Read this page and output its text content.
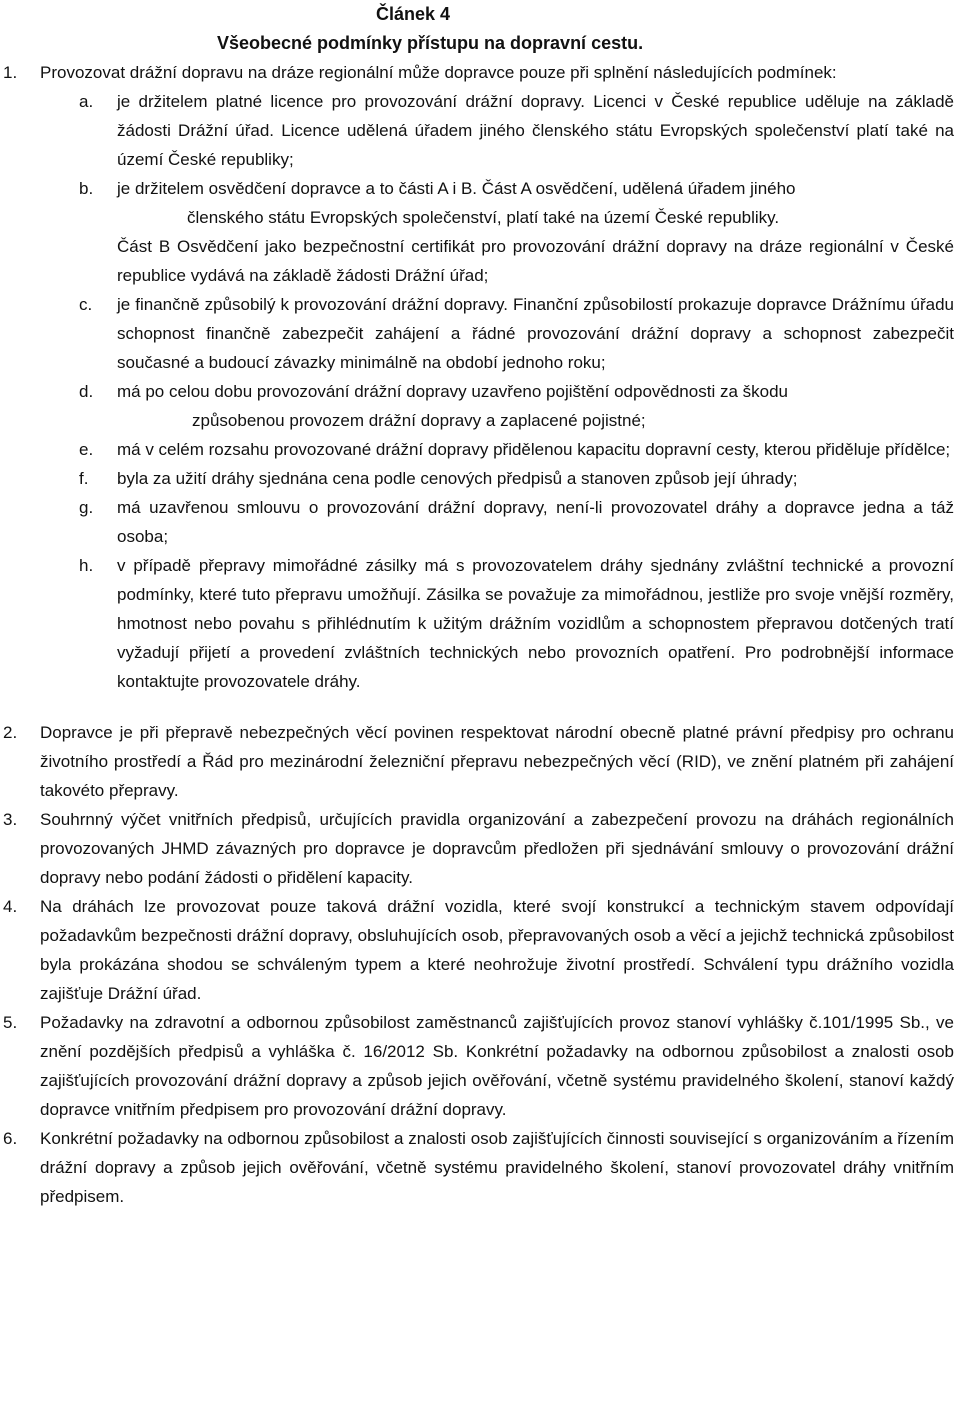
Článek 4
Všeobecné podmínky přístupu na dopravní cestu.
1. Provozovat drážní dopravu na dráze regionální může dopravce pouze při splnění následujících podmínek:
a. je držitelem platné licence pro provozování drážní dopravy. Licenci v České republice uděluje na základě žádosti Drážní úřad. Licence udělená úřadem jiného členského státu Evropských společenství platí také na území České republiky;
b. je držitelem osvědčení dopravce a to části A i B. Část A osvědčení, udělená úřadem jiného
členského státu Evropských společenství, platí také na území České republiky.
Část B Osvědčení jako bezpečnostní certifikát pro provozování drážní dopravy na dráze regionální v České republice vydává na základě žádosti Drážní úřad;
c. je finančně způsobilý k provozování drážní dopravy. Finanční způsobilostí prokazuje dopravce Drážnímu úřadu schopnost finančně zabezpečit zahájení a řádné provozování drážní dopravy a schopnost zabezpečit současné a budoucí závazky minimálně na období jednoho roku;
d. má po celou dobu provozování drážní dopravy uzavřeno pojištění odpovědnosti za škodu
způsobenou provozem drážní dopravy a zaplacené pojistné;
e. má v celém rozsahu provozované drážní dopravy přidělenou kapacitu dopravní cesty, kterou přiděluje přídělce;
f. byla za užití dráhy sjednána cena podle cenových předpisů a stanoven způsob její úhrady;
g. má uzavřenou smlouvu o provozování drážní dopravy, není-li provozovatel dráhy a dopravce jedna a táž osoba;
h. v případě přepravy mimořádné zásilky má s provozovatelem dráhy sjednány zvláštní technické a provozní podmínky, které tuto přepravu umožňují. Zásilka se považuje za mimořádnou, jestliže pro svoje vnější rozměry, hmotnost nebo povahu s přihlédnutím k užitým drážním vozidlům a schopnostem přepravou dotčených tratí vyžadují přijetí a provedení zvláštních technických nebo provozních opatření. Pro podrobnější informace kontaktujte provozovatele dráhy.
2. Dopravce je při přepravě nebezpečných věcí povinen respektovat národní obecně platné právní předpisy pro ochranu životního prostředí a Řád pro mezinárodní železniční přepravu nebezpečných věcí (RID), ve znění platném při zahájení takovéto přepravy.
3. Souhrnný výčet vnitřních předpisů, určujících pravidla organizování a zabezpečení provozu na dráhách regionálních provozovaných JHMD závazných pro dopravce je dopravcům předložen při sjednávání smlouvy o provozování drážní dopravy nebo podání žádosti o přidělení kapacity.
4. Na dráhách lze provozovat pouze taková drážní vozidla, které svojí konstrukcí a technickým stavem odpovídají požadavkům bezpečnosti drážní dopravy, obsluhujících osob, přepravovaných osob a věcí a jejichž technická způsobilost byla prokázána shodou se schváleným typem a které neohrožuje životní prostředí. Schválení typu drážního vozidla zajišťuje Drážní úřad.
5. Požadavky na zdravotní a odbornou způsobilost zaměstnanců zajišťujících provoz stanoví vyhlášky č.101/1995 Sb., ve znění pozdějších předpisů a vyhláška č. 16/2012 Sb. Konkrétní požadavky na odbornou způsobilost a znalosti osob zajišťujících provozování drážní dopravy a způsob jejich ověřování, včetně systému pravidelného školení, stanoví každý dopravce vnitřním předpisem pro provozování drážní dopravy.
6. Konkrétní požadavky na odbornou způsobilost a znalosti osob zajišťujících činnosti související s organizováním a řízením drážní dopravy a způsob jejich ověřování, včetně systému pravidelného školení, stanoví provozovatel dráhy vnitřním předpisem.
